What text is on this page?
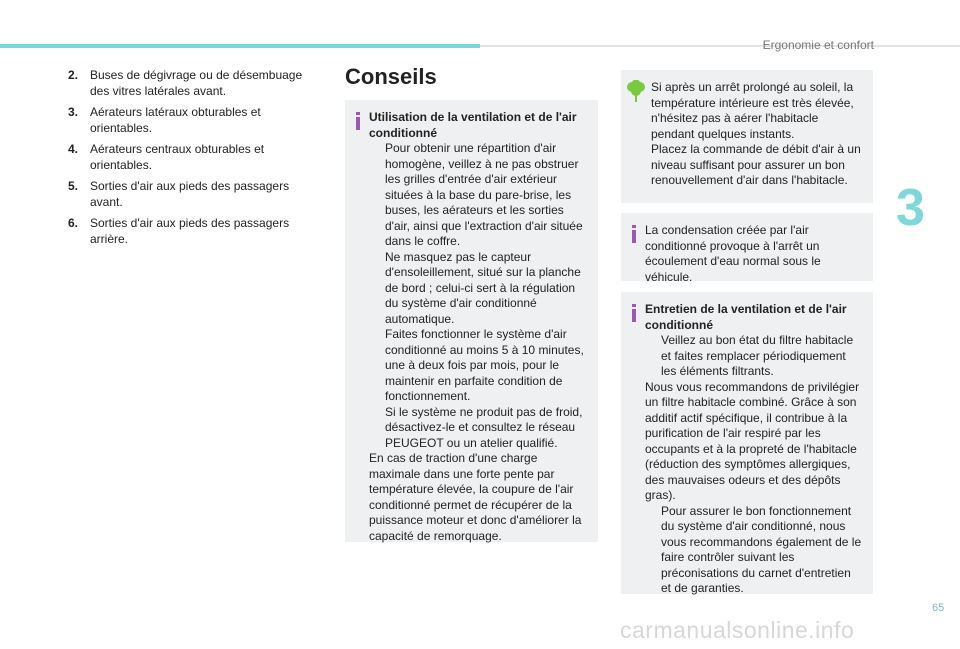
Ergonomie et confort
3
2. Buses de dégivrage ou de désembuage des vitres latérales avant.
3. Aérateurs latéraux obturables et orientables.
4. Aérateurs centraux obturables et orientables.
5. Sorties d'air aux pieds des passagers avant.
6. Sorties d'air aux pieds des passagers arrière.
Conseils
Utilisation de la ventilation et de l'air conditionné
Pour obtenir une répartition d'air homogène, veillez à ne pas obstruer les grilles d'entrée d'air extérieur situées à la base du pare-brise, les buses, les aérateurs et les sorties d'air, ainsi que l'extraction d'air située dans le coffre.
Ne masquez pas le capteur d'ensoleillement, situé sur la planche de bord ; celui-ci sert à la régulation du système d'air conditionné automatique.
Faites fonctionner le système d'air conditionné au moins 5 à 10 minutes, une à deux fois par mois, pour le maintenir en parfaite condition de fonctionnement.
Si le système ne produit pas de froid, désactivez-le et consultez le réseau PEUGEOT ou un atelier qualifié.
En cas de traction d'une charge maximale dans une forte pente par température élevée, la coupure de l'air conditionné permet de récupérer de la puissance moteur et donc d'améliorer la capacité de remorquage.
Si après un arrêt prolongé au soleil, la température intérieure est très élevée, n'hésitez pas à aérer l'habitacle pendant quelques instants.
Placez la commande de débit d'air à un niveau suffisant pour assurer un bon renouvellement d'air dans l'habitacle.
La condensation créée par l'air conditionné provoque à l'arrêt un écoulement d'eau normal sous le véhicule.
Entretien de la ventilation et de l'air conditionné
Veillez au bon état du filtre habitacle et faites remplacer périodiquement les éléments filtrants.
Nous vous recommandons de privilégier un filtre habitacle combiné. Grâce à son additif actif spécifique, il contribue à la purification de l'air respiré par les occupants et à la propreté de l'habitacle (réduction des symptômes allergiques, des mauvaises odeurs et des dépôts gras).
Pour assurer le bon fonctionnement du système d'air conditionné, nous vous recommandons également de le faire contrôler suivant les préconisations du carnet d'entretien et de garanties.
65
carmanualsonline.info
